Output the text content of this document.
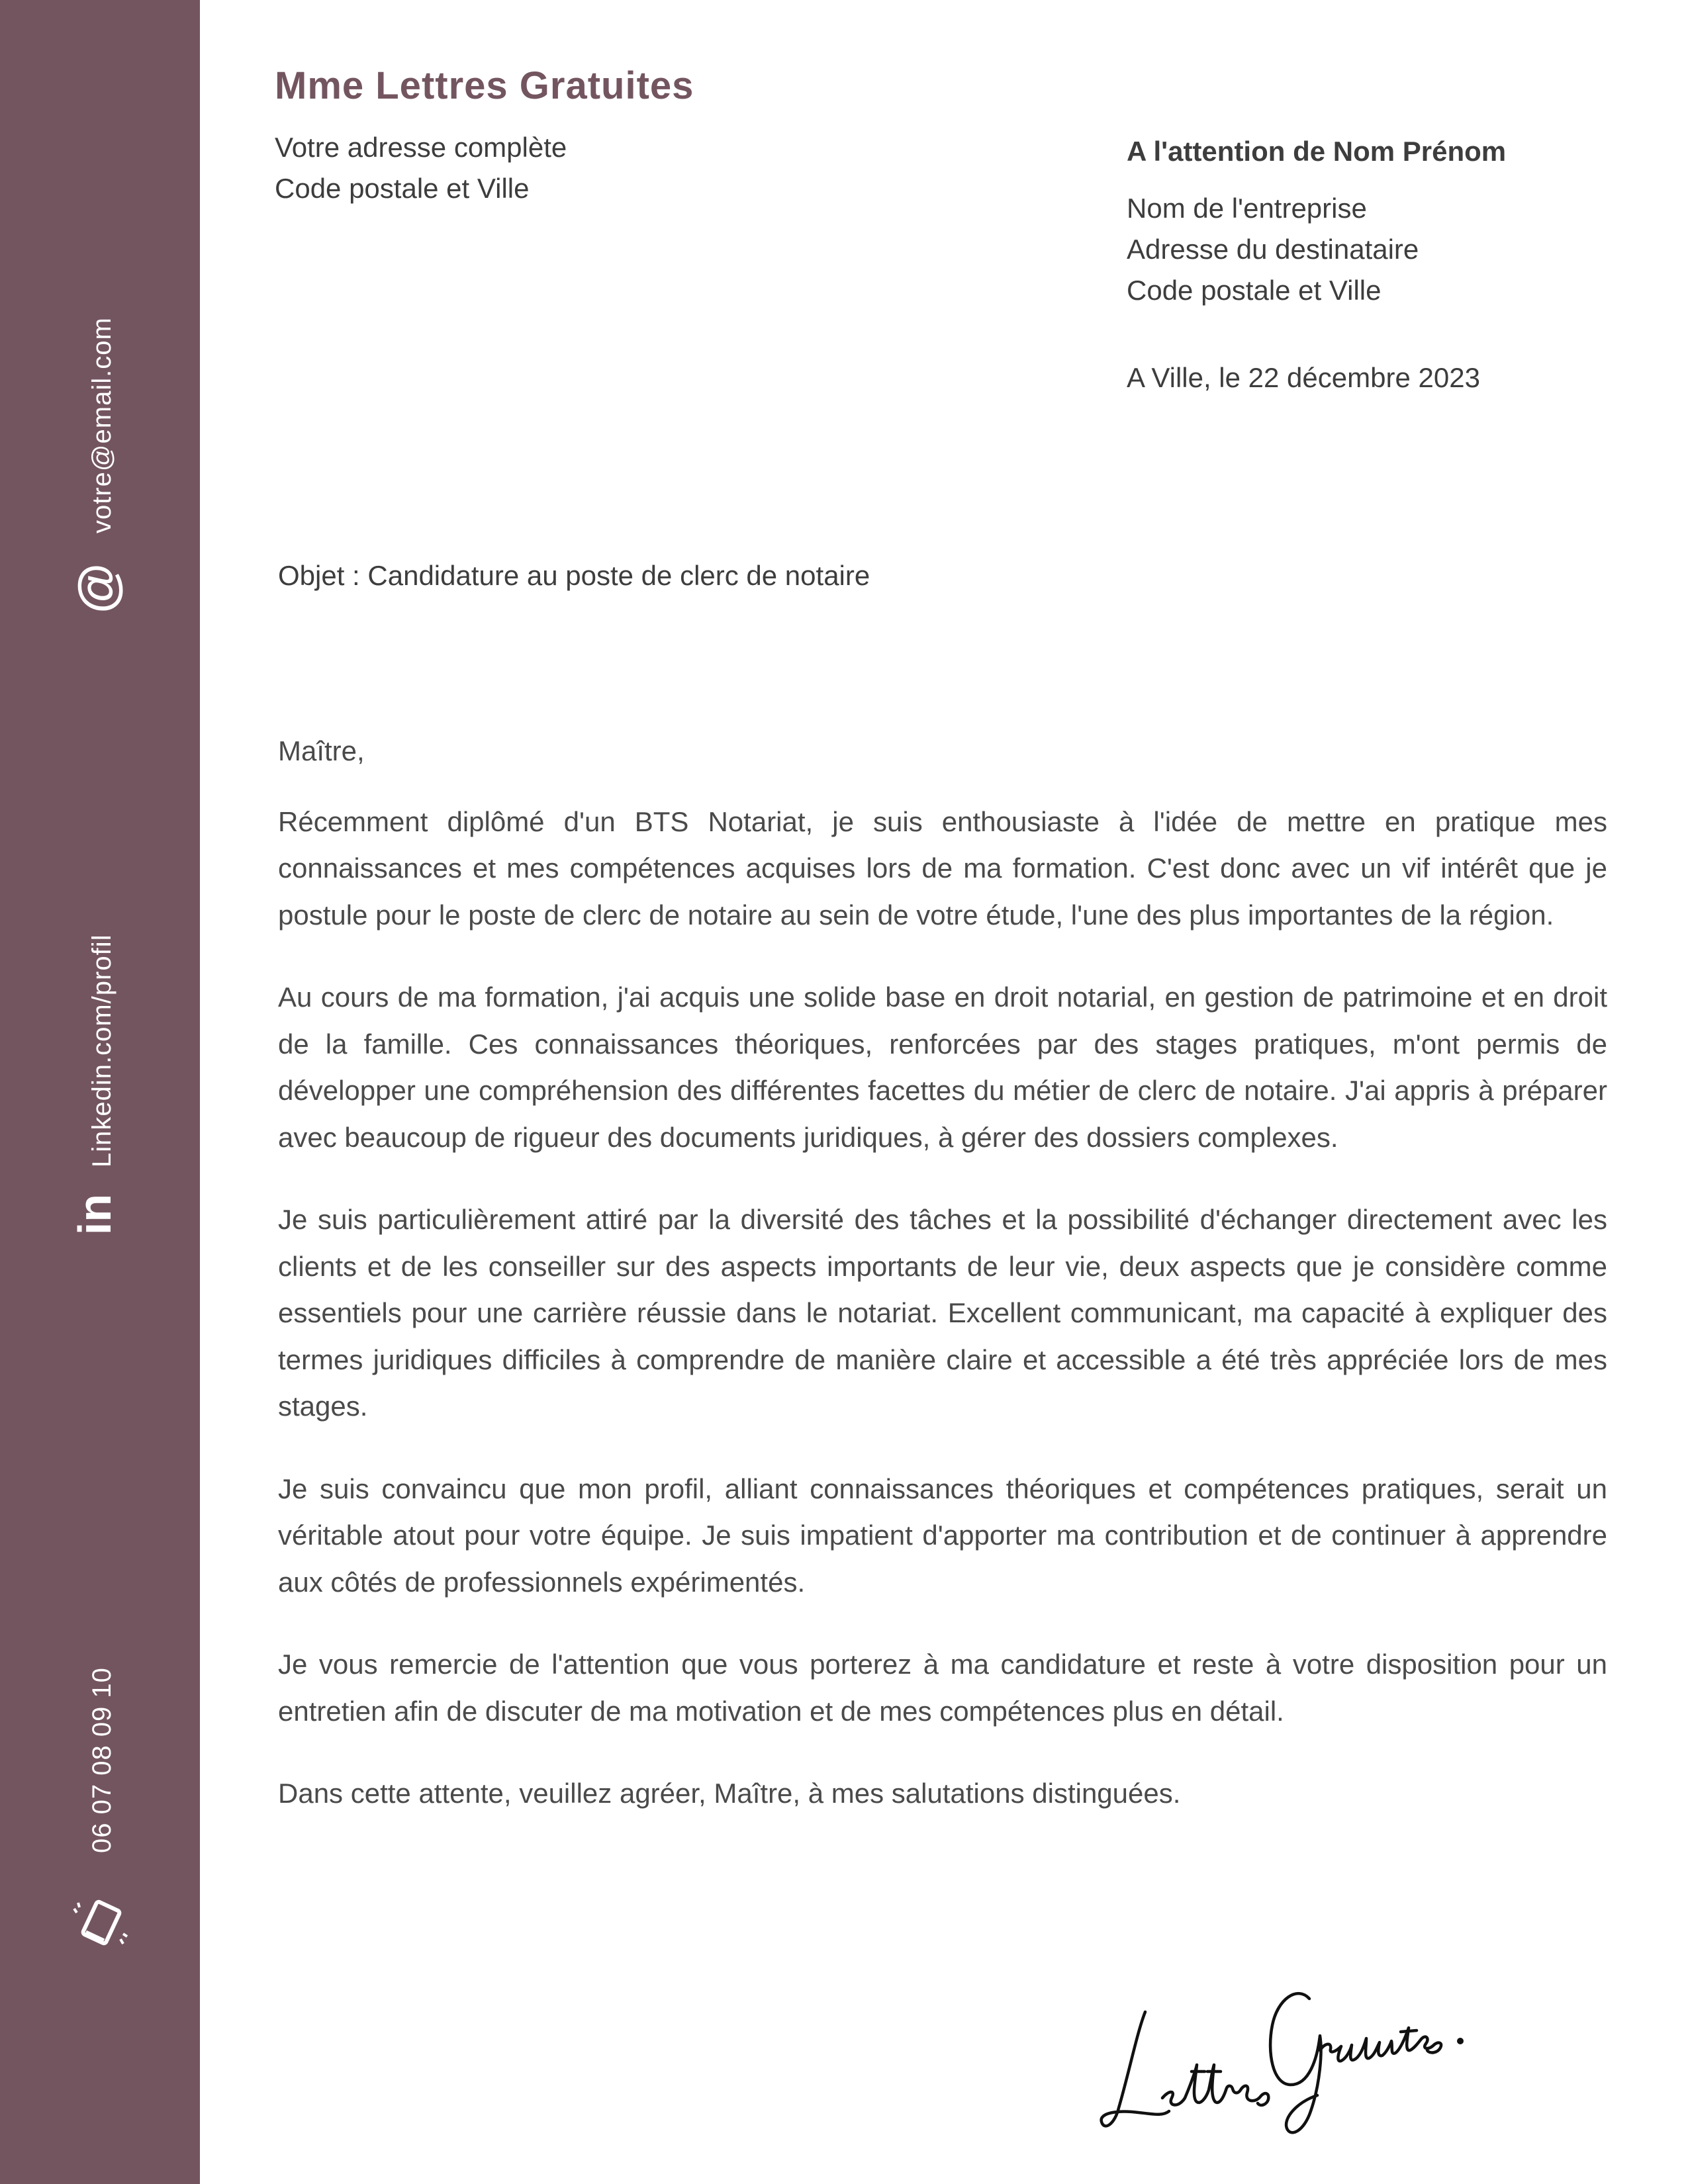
votre@email.com
@
Linkedin.com/profil
in
06 07 08 09 10
Mme Lettres Gratuites
Votre adresse complète
Code postale et Ville
A l'attention de Nom Prénom
Nom de l'entreprise
Adresse du destinataire
Code postale et Ville
A Ville, le 22 décembre 2023
Objet : Candidature au poste de clerc de notaire

Maître,

Récemment diplômé d'un BTS Notariat, je suis enthousiaste à l'idée de mettre en pratique mes connaissances et mes compétences acquises lors de ma formation. C'est donc avec un vif intérêt que je postule pour le poste de clerc de notaire au sein de votre étude, l'une des plus importantes de la région.

Au cours de ma formation, j'ai acquis une solide base en droit notarial, en gestion de patrimoine et en droit de la famille. Ces connaissances théoriques, renforcées par des stages pratiques, m'ont permis de développer une compréhension des différentes facettes du métier de clerc de notaire. J'ai appris à préparer avec beaucoup de rigueur des documents juridiques, à gérer des dossiers complexes.

Je suis particulièrement attiré par la diversité des tâches et la possibilité d'échanger directement avec les clients et de les conseiller sur des aspects importants de leur vie, deux aspects que je considère comme essentiels pour une carrière réussie dans le notariat. Excellent communicant, ma capacité à expliquer des termes juridiques difficiles à comprendre de manière claire et accessible a été très appréciée lors de mes stages.

Je suis convaincu que mon profil, alliant connaissances théoriques et compétences pratiques, serait un véritable atout pour votre équipe. Je suis impatient d'apporter ma contribution et de continuer à apprendre aux côtés de professionnels expérimentés.

Je vous remercie de l'attention que vous porterez à ma candidature et reste à votre disposition pour un entretien afin de discuter de ma motivation et de mes compétences plus en détail.

Dans cette attente, veuillez agréer, Maître, à mes salutations distinguées.
